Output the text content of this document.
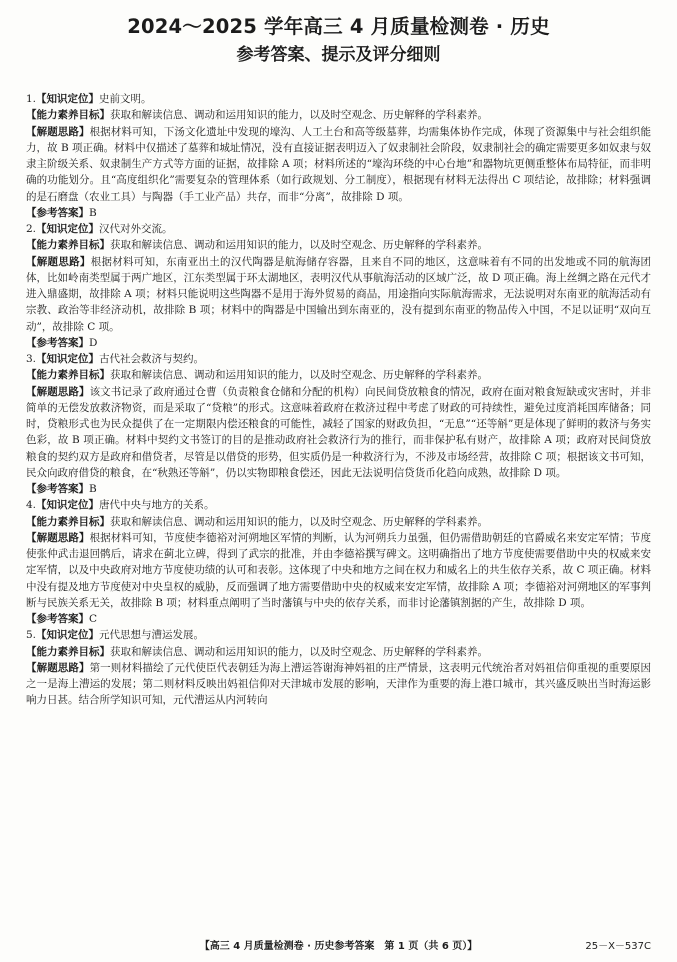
2024～2025 学年高三 4 月质量检测卷 · 历史
参考答案、提示及评分细则

1.【知识定位】史前文明。

【能力素养目标】获取和解读信息、调动和运用知识的能力，以及时空观念、历史解释的学科素养。

【解题思路】根据材料可知，下汤文化遗址中发现的壕沟、人工土台和高等级墓葬，均需集体协作完成，体现了资源集中与社会组织能力，故 B 项正确。材料中仅描述了墓葬和城址情况，没有直接证据表明迈入了奴隶制社会阶段，奴隶制社会的确定需要更多如奴隶与奴隶主阶级关系、奴隶制生产方式等方面的证据，故排除 A 项；材料所述的“壕沟环绕的中心台地”和器物坑更侧重整体布局特征，而非明确的功能划分。且“高度组织化”需要复杂的管理体系（如行政规划、分工制度），根据现有材料无法得出 C 项结论，故排除；材料强调的是石磨盘（农业工具）与陶器（手工业产品）共存，而非“分离”，故排除 D 项。

【参考答案】B

2.【知识定位】汉代对外交流。

【能力素养目标】获取和解读信息、调动和运用知识的能力，以及时空观念、历史解释的学科素养。

【解题思路】根据材料可知，东南亚出土的汉代陶器是航海储存容器，且来自不同的地区，这意味着有不同的出发地或不同的航海团体，比如岭南类型属于两广地区，江东类型属于环太湖地区，表明汉代从事航海活动的区域广泛，故 D 项正确。海上丝绸之路在元代才进入鼎盛期，故排除 A 项；材料只能说明这些陶器不是用于海外贸易的商品，用途指向实际航海需求，无法说明对东南亚的航海活动有宗教、政治等非经济动机，故排除 B 项；材料中的陶器是中国输出到东南亚的，没有提到东南亚的物品传入中国，不足以证明“双向互动”，故排除 C 项。

【参考答案】D

3.【知识定位】古代社会救济与契约。

【能力素养目标】获取和解读信息、调动和运用知识的能力，以及时空观念、历史解释的学科素养。

【解题思路】该文书记录了政府通过仓曹（负责粮食仓储和分配的机构）向民间贷放粮食的情况，政府在面对粮食短缺或灾害时，并非简单的无偿发放救济物资，而是采取了“贷粮”的形式。这意味着政府在救济过程中考虑了财政的可持续性，避免过度消耗国库储备；同时，贷粮形式也为民众提供了在一定期限内偿还粮食的可能性，减轻了国家的财政负担，“无息”“还等斛”更是体现了鲜明的救济与务实色彩，故 B 项正确。材料中契约文书签订的目的是推动政府社会救济行为的推行，而非保护私有财产，故排除 A 项；政府对民间贷放粮食的契约双方是政府和借贷者，尽管是以借贷的形势，但实质仍是一种救济行为，不涉及市场经营，故排除 C 项；根据该文书可知，民众向政府借贷的粮食，在“秋熟还等斛”，仍以实物即粮食偿还，因此无法说明信贷货币化趋向成熟，故排除 D 项。

【参考答案】B

4.【知识定位】唐代中央与地方的关系。

【能力素养目标】获取和解读信息、调动和运用知识的能力，以及时空观念、历史解释的学科素养。

【解题思路】根据材料可知，节度使李德裕对河朔地区军情的判断，认为河朔兵力虽强，但仍需借助朝廷的官爵威名来安定军情；节度使张仲武击退回鹘后，请求在蓟北立碑，得到了武宗的批准，并由李德裕撰写碑文。这明确指出了地方节度使需要借助中央的权威来安定军情，以及中央政府对地方节度使功绩的认可和表彰。这体现了中央和地方之间在权力和威名上的共生依存关系，故 C 项正确。材料中没有提及地方节度使对中央皇权的威胁，反而强调了地方需要借助中央的权威来安定军情，故排除 A 项；李德裕对河朔地区的军事判断与民族关系无关，故排除 B 项；材料重点阐明了当时藩镇与中央的依存关系，而非讨论藩镇割据的产生，故排除 D 项。

【参考答案】C

5.【知识定位】元代思想与漕运发展。

【能力素养目标】获取和解读信息、调动和运用知识的能力，以及时空观念、历史解释的学科素养。

【解题思路】第一则材料描绘了元代使臣代表朝廷为海上漕运答谢海神妈祖的庄严情景，这表明元代统治者对妈祖信仰重视的重要原因之一是海上漕运的发展；第二则材料反映出妈祖信仰对天津城市发展的影响，天津作为重要的海上港口城市，其兴盛反映出当时海运影响力日甚。结合所学知识可知，元代漕运从内河转向

【高三 4 月质量检测卷 · 历史参考答案　第 1 页（共 6 页）】	25－X－537C
